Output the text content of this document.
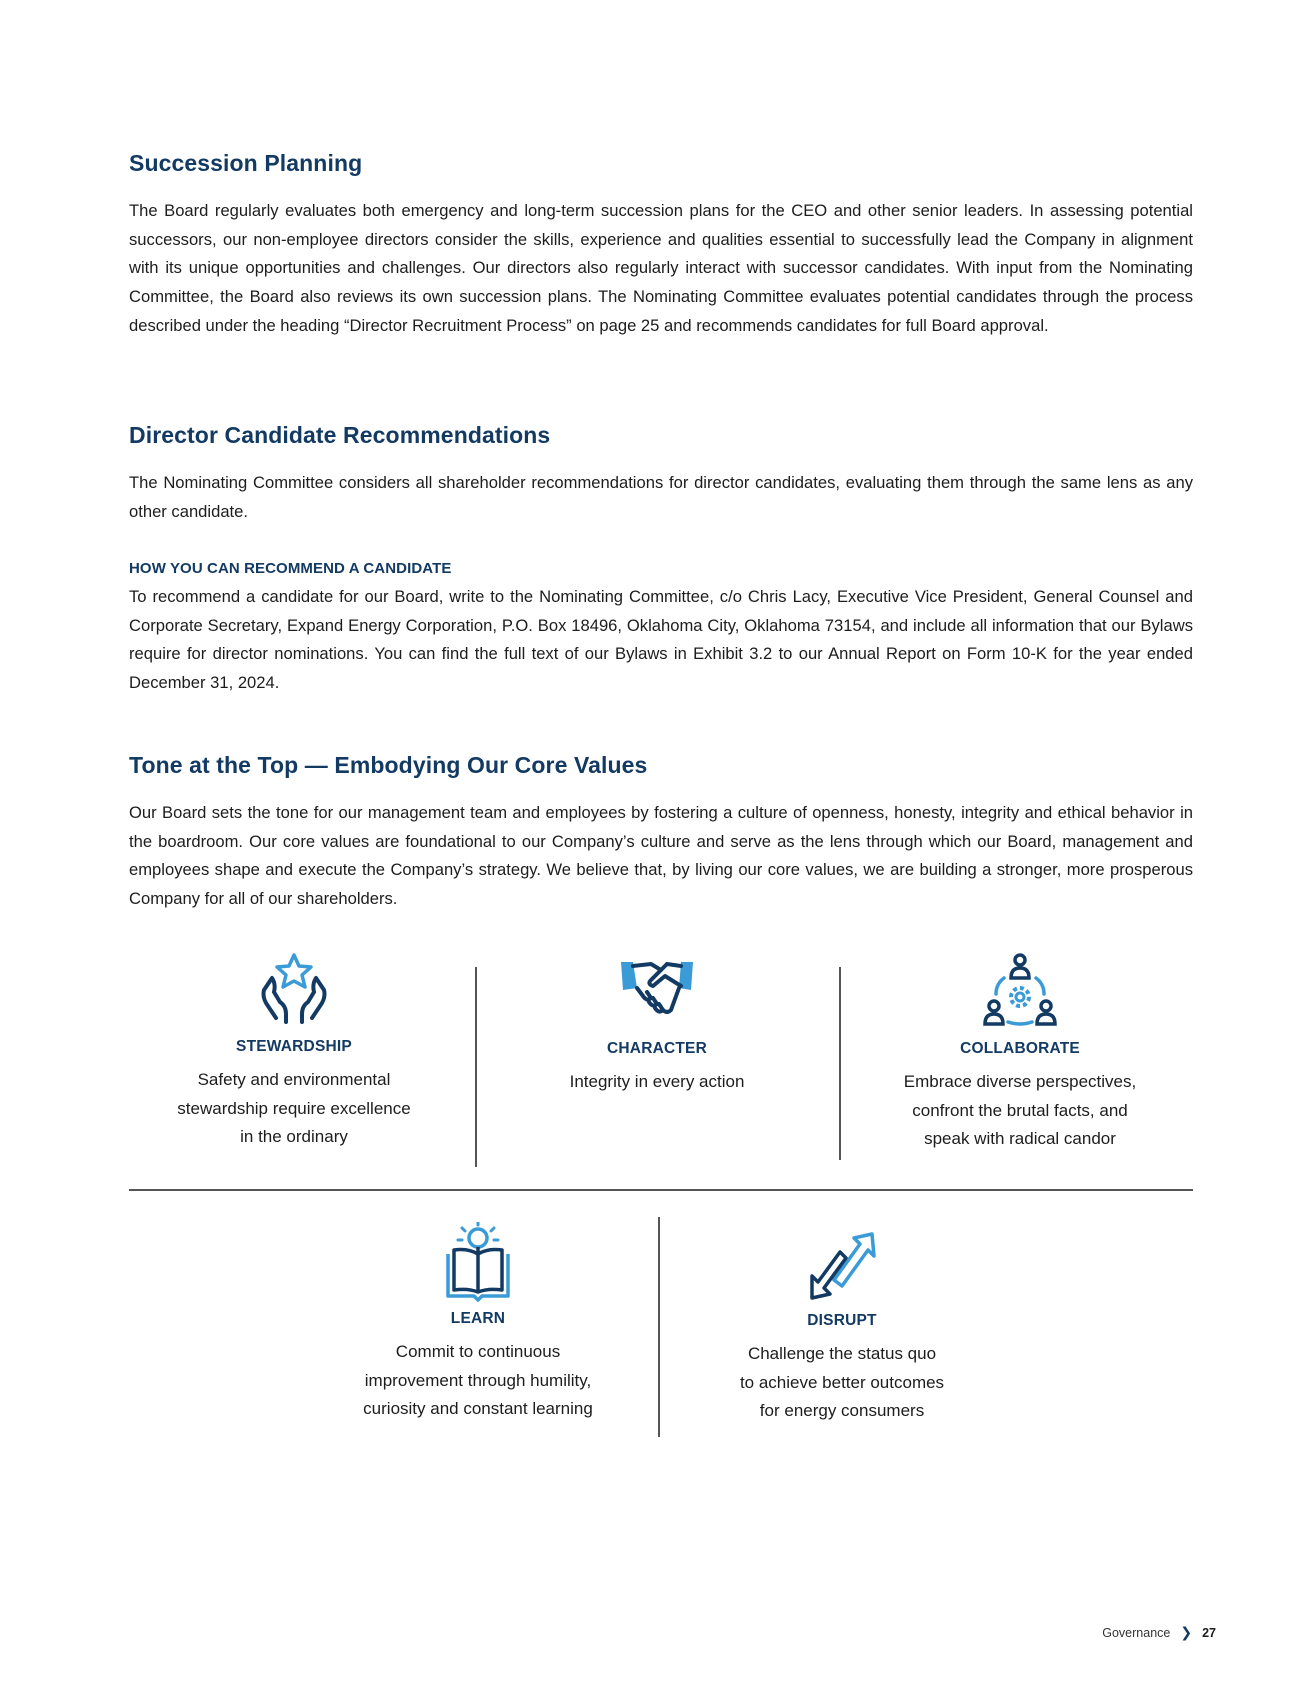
Succession Planning

The Board regularly evaluates both emergency and long-term succession plans for the CEO and other senior leaders. In assessing potential successors, our non-employee directors consider the skills, experience and qualities essential to successfully lead the Company in alignment with its unique opportunities and challenges. Our directors also regularly interact with successor candidates. With input from the Nominating Committee, the Board also reviews its own succession plans. The Nominating Committee evaluates potential candidates through the process described under the heading “Director Recruitment Process” on page 25 and recommends candidates for full Board approval.

Director Candidate Recommendations

The Nominating Committee considers all shareholder recommendations for director candidates, evaluating them through the same lens as any other candidate.

HOW YOU CAN RECOMMEND A CANDIDATE

To recommend a candidate for our Board, write to the Nominating Committee, c/o Chris Lacy, Executive Vice President, General Counsel and Corporate Secretary, Expand Energy Corporation, P.O. Box 18496, Oklahoma City, Oklahoma 73154, and include all information that our Bylaws require for director nominations. You can find the full text of our Bylaws in Exhibit 3.2 to our Annual Report on Form 10-K for the year ended December 31, 2024.

Tone at the Top — Embodying Our Core Values

Our Board sets the tone for our management team and employees by fostering a culture of openness, honesty, integrity and ethical behavior in the boardroom. Our core values are foundational to our Company’s culture and serve as the lens through which our Board, management and employees shape and execute the Company’s strategy. We believe that, by living our core values, we are building a stronger, more prosperous Company for all of our shareholders.

STEWARDSHIP
Safety and environmental
stewardship require excellence
in the ordinary
CHARACTER
Integrity in every action
COLLABORATE
Embrace diverse perspectives,
confront the brutal facts, and
speak with radical candor
LEARN
Commit to continuous
improvement through humility,
curiosity and constant learning
DISRUPT
Challenge the status quo
to achieve better outcomes
for energy consumers
Governance ❯ 27
